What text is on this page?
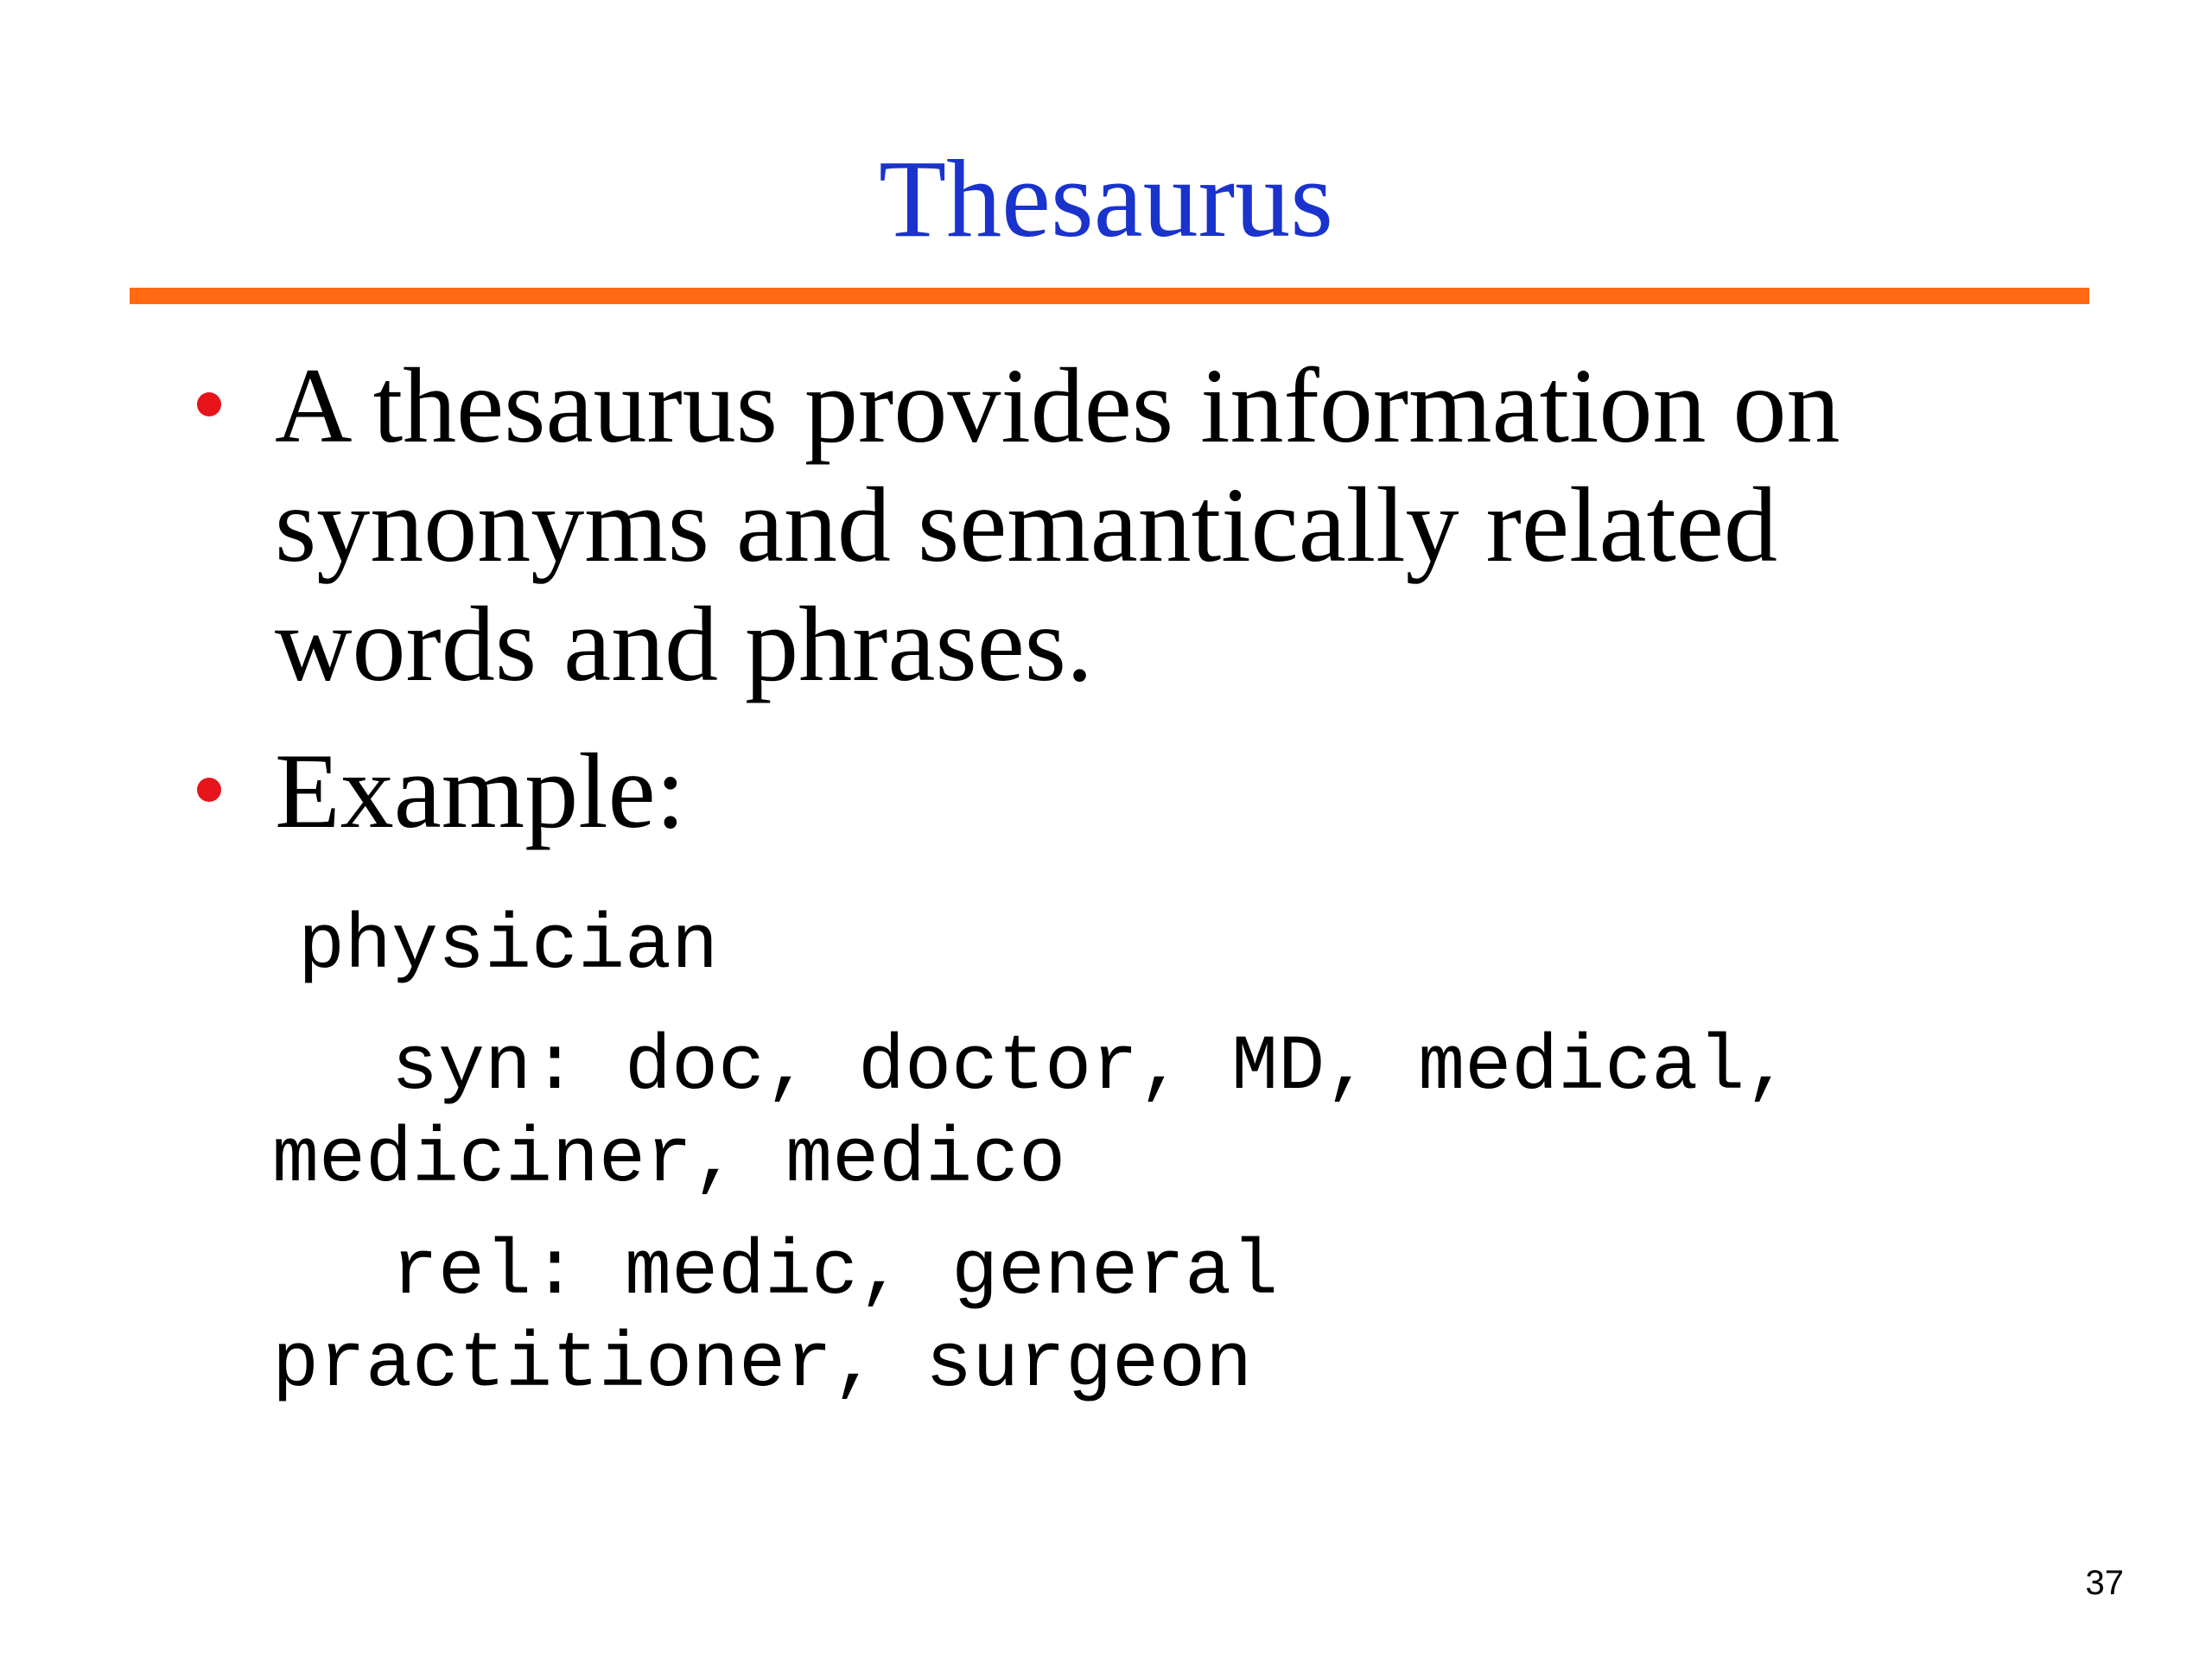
Thesaurus

A thesaurus provides information on
synonyms and semantically related
words and phrases.

Example:

physician

syn: doc, doctor, MD, medical,

mediciner, medico

rel: medic, general

practitioner, surgeon

37
